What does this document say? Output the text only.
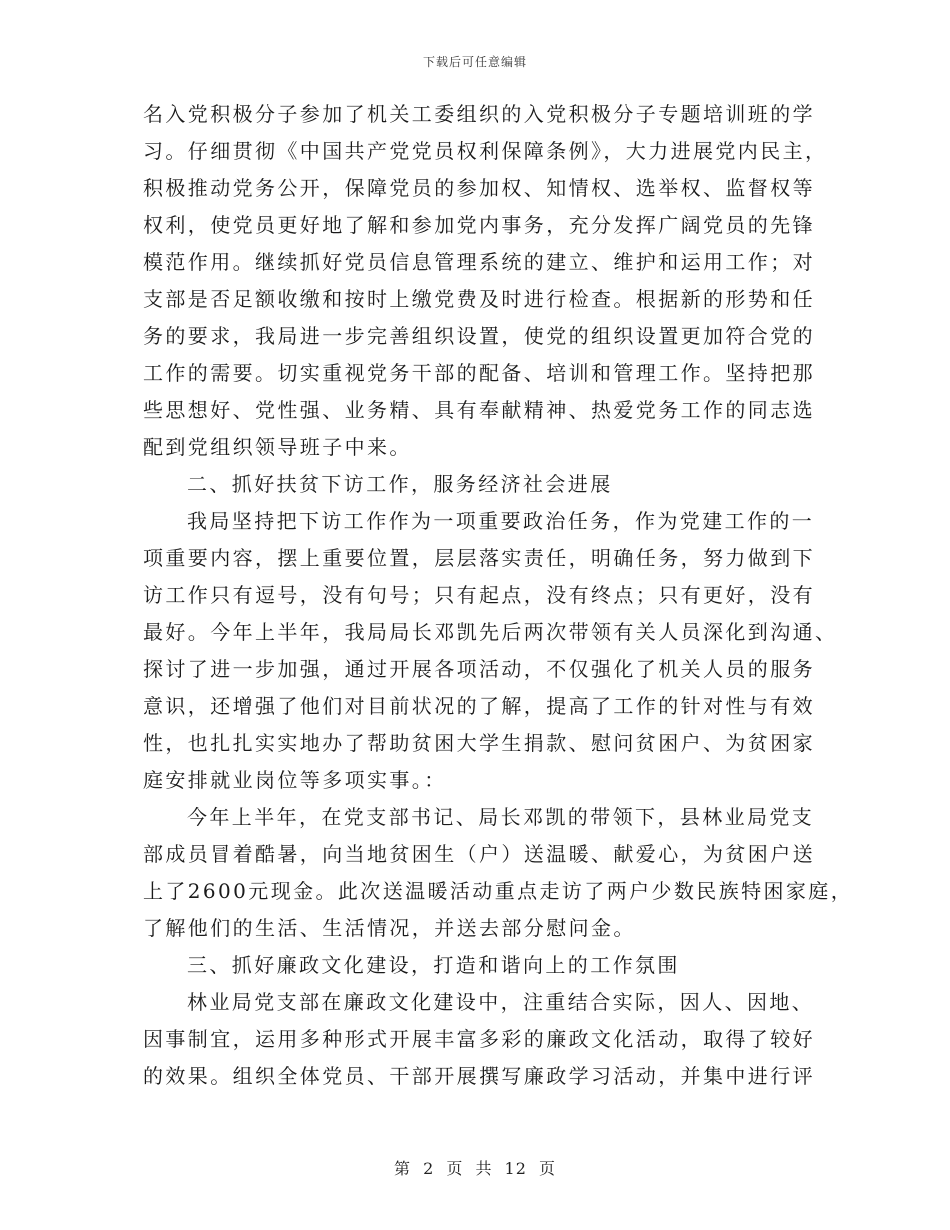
下载后可任意编辑
名入党积极分子参加了机关工委组织的入党积极分子专题培训班的学
习。仔细贯彻《中国共产党党员权利保障条例》，大力进展党内民主，
积极推动党务公开，保障党员的参加权、知情权、选举权、监督权等
权利，使党员更好地了解和参加党内事务，充分发挥广阔党员的先锋
模范作用。继续抓好党员信息管理系统的建立、维护和运用工作；对
支部是否足额收缴和按时上缴党费及时进行检查。根据新的形势和任
务的要求，我局进一步完善组织设置，使党的组织设置更加符合党的
工作的需要。切实重视党务干部的配备、培训和管理工作。坚持把那
些思想好、党性强、业务精、具有奉献精神、热爱党务工作的同志选
配到党组织领导班子中来。
二、抓好扶贫下访工作，服务经济社会进展
我局坚持把下访工作作为一项重要政治任务，作为党建工作的一
项重要内容，摆上重要位置，层层落实责任，明确任务，努力做到下
访工作只有逗号，没有句号；只有起点，没有终点；只有更好，没有
最好。今年上半年，我局局长邓凯先后两次带领有关人员深化到沟通、
探讨了进一步加强，通过开展各项活动，不仅强化了机关人员的服务
意识，还增强了他们对目前状况的了解，提高了工作的针对性与有效
性，也扎扎实实地办了帮助贫困大学生捐款、慰问贫困户、为贫困家
庭安排就业岗位等多项实事。：
今年上半年，在党支部书记、局长邓凯的带领下，县林业局党支
部成员冒着酷暑，向当地贫困生（户）送温暖、献爱心，为贫困户送
上了2600元现金。此次送温暖活动重点走访了两户少数民族特困家庭，
了解他们的生活、生活情况，并送去部分慰问金。
三、抓好廉政文化建设，打造和谐向上的工作氛围
林业局党支部在廉政文化建设中，注重结合实际，因人、因地、
因事制宜，运用多种形式开展丰富多彩的廉政文化活动，取得了较好
的效果。组织全体党员、干部开展撰写廉政学习活动，并集中进行评
第 2 页 共 12 页
